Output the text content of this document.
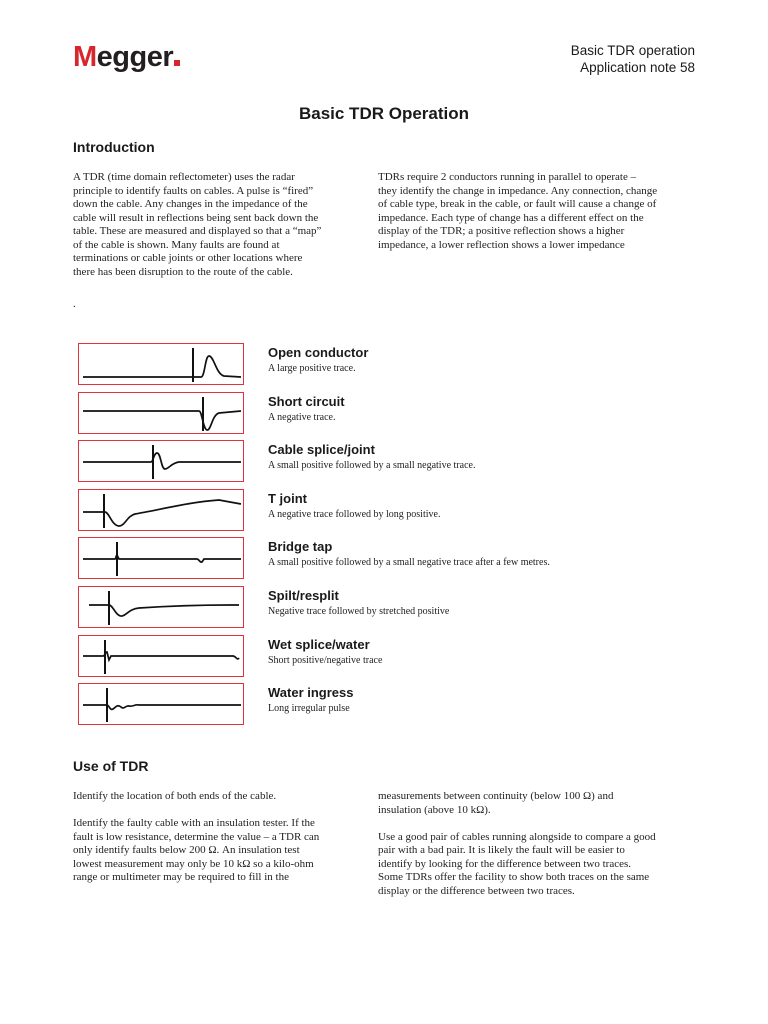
Megger	Basic TDR operation
Application note 58
Basic TDR Operation
Introduction
A TDR (time domain reflectometer) uses the radar
principle to identify faults on cables. A pulse is “fired”
down the cable. Any changes in the impedance of the
cable will result in reflections being sent back down the
table. These are measured and displayed so that a “map”
of the cable is shown. Many faults are found at
terminations or cable joints or other locations where
there has been disruption to the route of the cable.
TDRs require 2 conductors running in parallel to operate –
they identify the change in impedance. Any connection, change
of cable type, break in the cable, or fault will cause a change of
impedance. Each type of change has a different effect on the
display of the TDR; a positive reflection shows a higher
impedance, a lower reflection shows a lower impedance
.
Open conductor
A large positive trace.
Short circuit
A negative trace.
Cable splice/joint
A small positive followed by a small negative trace.
T joint
A negative trace followed by long positive.
Bridge tap
A small positive followed by a small negative trace after a few metres.
Spilt/resplit
Negative trace followed by stretched positive
Wet splice/water
Short positive/negative trace
Water ingress
Long irregular pulse
Use of TDR
Identify the location of both ends of the cable.

Identify the faulty cable with an insulation tester. If the
fault is low resistance, determine the value – a TDR can
only identify faults below 200 Ω. An insulation test
lowest measurement may only be 10 kΩ so a kilo-ohm
range or multimeter may be required to fill in the
measurements between continuity (below 100 Ω) and
insulation (above 10 kΩ).

Use a good pair of cables running alongside to compare a good
pair with a bad pair. It is likely the fault will be easier to
identify by looking for the difference between two traces.
Some TDRs offer the facility to show both traces on the same
display or the difference between two traces.
